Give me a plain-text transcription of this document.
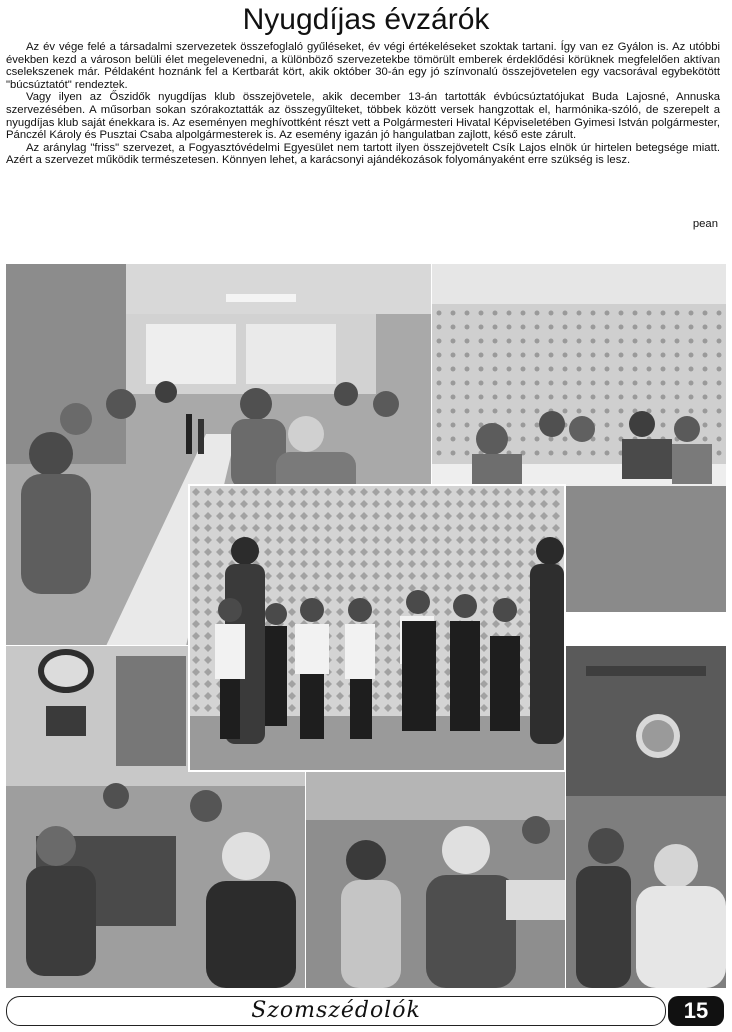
Nyugdíjas évzárók

Az év vége felé a társadalmi szervezetek összefoglaló gyűléseket, év végi értékeléseket szoktak tartani. Így van ez Gyálon is. Az utóbbi években kezd a városon belüli élet megelevenedni, a különböző szervezetekbe tömörült emberek érdeklődési körüknek megfelelően aktívan cselekszenek már. Példaként hoznánk fel a Kertbarát kört, akik október 30-án egy jó színvonalú összejövetelen egy vacsorával egybekötött "búcsúztatót" rendeztek.

Vagy ilyen az Őszidők nyugdíjas klub összejövetele, akik december 13-án tartották évbúcsúztatójukat Buda Lajosné, Annuska szervezésében. A műsorban sokan szórakoztatták az összegyűlteket, többek között versek hangzottak el, harmónika-szóló, de szerepelt a nyugdíjas klub saját énekkara is. Az eseményen meghívottként részt vett a Polgármesteri Hivatal Képviseletében Gyimesi István polgármester, Pánczél Károly és Pusztai Csaba alpolgármesterek is. Az esemény igazán jó hangulatban zajlott, késő este zárult.

Az aránylag "friss" szervezet, a Fogyasztóvédelmi Egyesület nem tartott ilyen összejövetelt Csík Lajos elnök úr hirtelen betegsége miatt. Azért a szervezet működik természetesen. Könnyen lehet, a karácsonyi ajándékozások folyományaként erre szükség is lesz.

pean
Szomszédolók	15
